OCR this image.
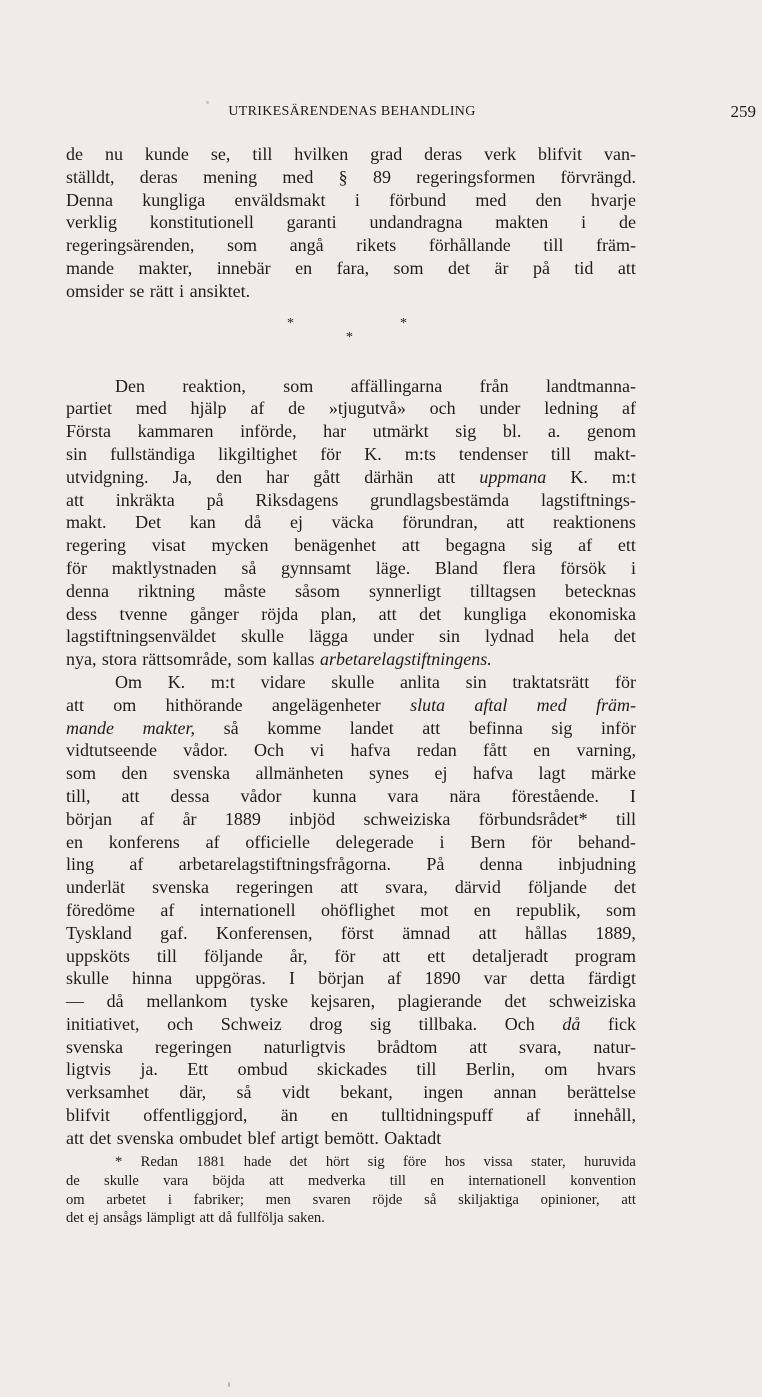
UTRIKESÄRENDENAS BEHANDLING	259
de nu kunde se, till hvilken grad deras verk blifvit van-
ställdt, deras mening med § 89 regeringsformen förvrängd.
Denna kungliga enväldsmakt i förbund med den hvarje
verklig konstitutionell garanti undandragna makten i de
regeringsärenden, som angå rikets förhållande till främ-
mande makter, innebär en fara, som det är på tid att
omsider se rätt i ansiktet.
*
*
*
Den reaktion, som affällingarna från landtmanna-
partiet med hjälp af de »tjugutvå» och under ledning af
Första kammaren införde, har utmärkt sig bl. a. genom
sin fullständiga likgiltighet för K. m:ts tendenser till makt-
utvidgning. Ja, den har gått därhän att uppmana K. m:t
att inkräkta på Riksdagens grundlagsbestämda lagstiftnings-
makt. Det kan då ej väcka förundran, att reaktionens
regering visat mycken benägenhet att begagna sig af ett
för maktlystnaden så gynnsamt läge. Bland flera försök i
denna riktning måste såsom synnerligt tilltagsen betecknas
dess tvenne gånger röjda plan, att det kungliga ekonomiska
lagstiftningsenväldet skulle lägga under sin lydnad hela det
nya, stora rättsområde, som kallas arbetarelagstiftningens.
Om K. m:t vidare skulle anlita sin traktatsrätt för
att om hithörande angelägenheter sluta aftal med främ-
mande makter, så komme landet att befinna sig inför
vidtutseende vådor. Och vi hafva redan fått en varning,
som den svenska allmänheten synes ej hafva lagt märke
till, att dessa vådor kunna vara nära förestående. I
början af år 1889 inbjöd schweiziska förbundsrådet* till
en konferens af officielle delegerade i Bern för behand-
ling af arbetarelagstiftningsfrågorna. På denna inbjudning
underlät svenska regeringen att svara, därvid följande det
föredöme af internationell ohöflighet mot en republik, som
Tyskland gaf. Konferensen, först ämnad att hållas 1889,
uppsköts till följande år, för att ett detaljeradt program
skulle hinna uppgöras. I början af 1890 var detta färdigt
— då mellankom tyske kejsaren, plagierande det schweiziska
initiativet, och Schweiz drog sig tillbaka. Och då fick
svenska regeringen naturligtvis brådtom att svara, natur-
ligtvis ja. Ett ombud skickades till Berlin, om hvars
verksamhet där, så vidt bekant, ingen annan berättelse
blifvit offentliggjord, än en tulltidningspuff af innehåll,
att det svenska ombudet blef artigt bemött. Oaktadt
* Redan 1881 hade det hört sig före hos vissa stater, huruvida
de skulle vara böjda att medverka till en internationell konvention
om arbetet i fabriker; men svaren röjde så skiljaktiga opinioner, att
det ej ansågs lämpligt att då fullfölja saken.
